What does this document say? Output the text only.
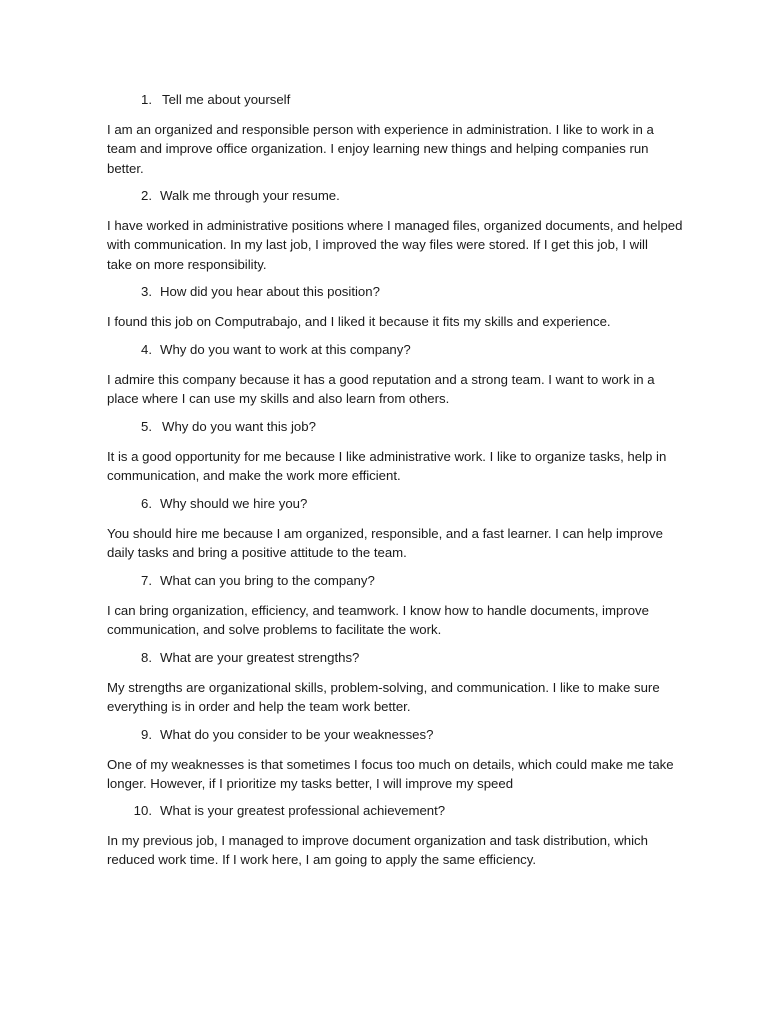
1. Tell me about yourself
I am an organized and responsible person with experience in administration. I like to work in a
team and improve office organization. I enjoy learning new things and helping companies run
better.
2. Walk me through your resume.
I have worked in administrative positions where I managed files, organized documents, and helped
with communication. In my last job, I improved the way files were stored. If I get this job, I will
take on more responsibility.
3. How did you hear about this position?
I found this job on Computrabajo, and I liked it because it fits my skills and experience.
4. Why do you want to work at this company?
I admire this company because it has a good reputation and a strong team. I want to work in a
place where I can use my skills and also learn from others.
5. Why do you want this job?
It is a good opportunity for me because I like administrative work. I like to organize tasks, help in
communication, and make the work more efficient.
6. Why should we hire you?
You should hire me because I am organized, responsible, and a fast learner. I can help improve
daily tasks and bring a positive attitude to the team.
7. What can you bring to the company?
I can bring organization, efficiency, and teamwork. I know how to handle documents, improve
communication, and solve problems to facilitate the work.
8. What are your greatest strengths?
My strengths are organizational skills, problem-solving, and communication. I like to make sure
everything is in order and help the team work better.
9. What do you consider to be your weaknesses?
One of my weaknesses is that sometimes I focus too much on details, which could make me take
longer. However, if I prioritize my tasks better, I will improve my speed
10. What is your greatest professional achievement?
In my previous job, I managed to improve document organization and task distribution, which
reduced work time. If I work here, I am going to apply the same efficiency.
